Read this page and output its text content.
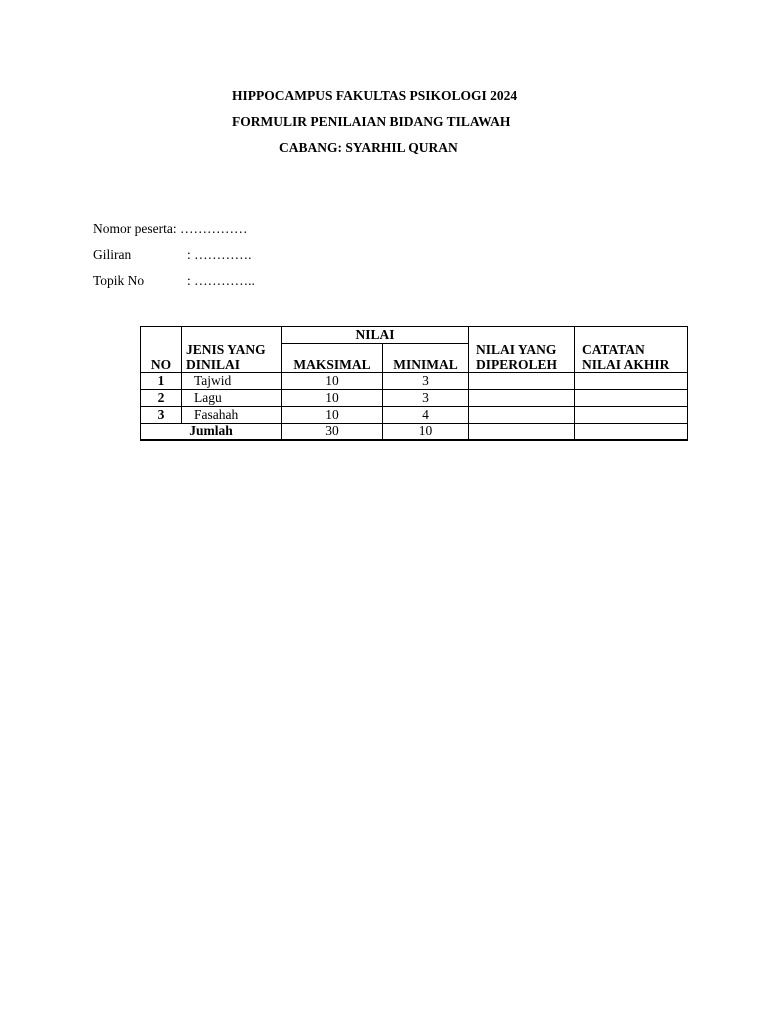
HIPPOCAMPUS FAKULTAS PSIKOLOGI 2024
FORMULIR PENILAIAN BIDANG TILAWAH
CABANG: SYARHIL QURAN
Nomor peserta: ……………
Giliran	: ………….
Topik No	: …………..
NO	JENIS YANG DINILAI	NILAI		NILAI YANG DIPEROLEH	CATATAN NILAI AKHIR
		MAKSIMAL	MINIMAL		
1	Tajwid	10	3		
2	Lagu	10	3		
3	Fasahah	10	4		
Jumlah		30	10		
